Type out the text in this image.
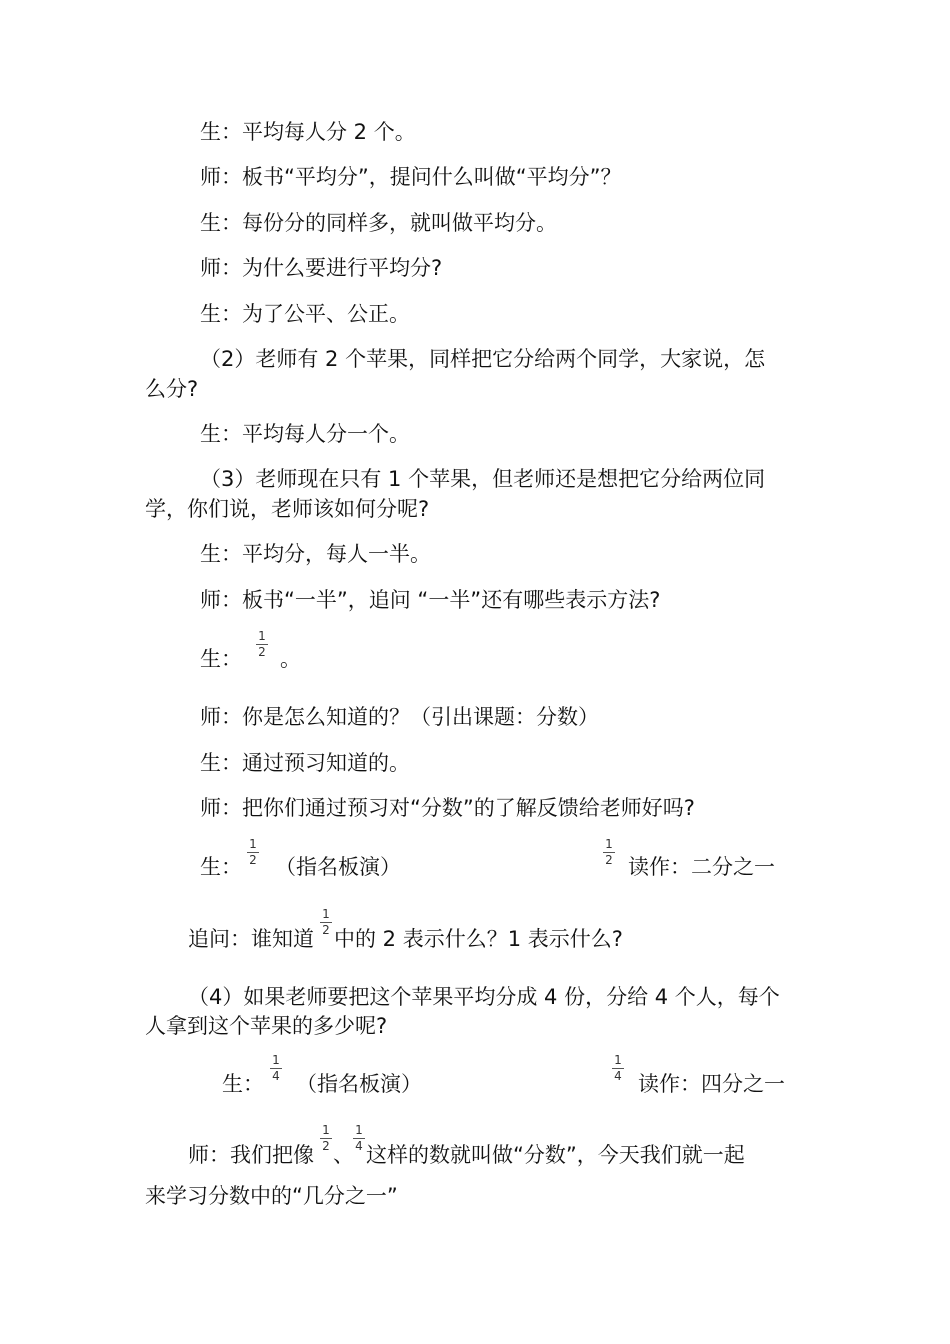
生：平均每人分 2 个。
师：板书“平均分”，提问什么叫做“平均分”？
生：每份分的同样多，就叫做平均分。
师：为什么要进行平均分?
生：为了公平、公正。
（2）老师有 2 个苹果，同样把它分给两个同学，大家说，怎
么分?
生：平均每人分一个。
（3）老师现在只有 1 个苹果，但老师还是想把它分给两位同
学，你们说，老师该如何分呢?
生：平均分，每人一半。
师：板书“一半”，追问 “一半”还有哪些表示方法?
生：
1
2 。
师：你是怎么知道的？（引出课题：分数）
生：通过预习知道的。
师：把你们通过预习对“分数”的了解反馈给老师好吗?
生：
1
2 （指名板演）
1
2 读作：二分之一
追问：谁知道
1
2 中的 2 表示什么？1 表示什么?
（4）如果老师要把这个苹果平均分成 4 份，分给 4 个人，每个
人拿到这个苹果的多少呢?
生：
1
4 （指名板演）
1
4 读作：四分之一
师：我们把像
1
2 、
1
4 这样的数就叫做“分数”，今天我们就一起
来学习分数中的“几分之一”
